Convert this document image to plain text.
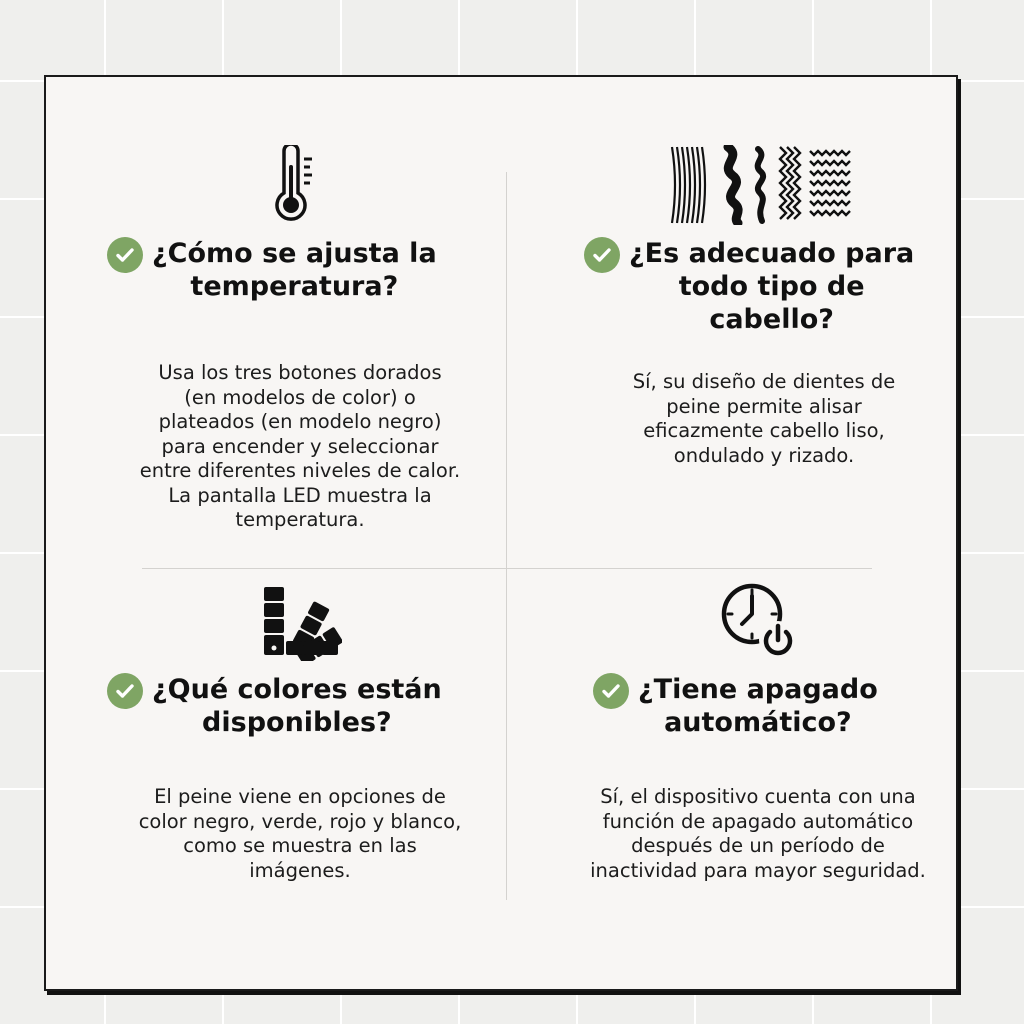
¿Cómo se ajusta la
temperatura?
Usa los tres botones dorados
(en modelos de color) o
plateados (en modelo negro)
para encender y seleccionar
entre diferentes niveles de calor.
La pantalla LED muestra la
temperatura.
¿Es adecuado para
todo tipo de
cabello?
Sí, su diseño de dientes de
peine permite alisar
eficazmente cabello liso,
ondulado y rizado.
¿Qué colores están
disponibles?
El peine viene en opciones de
color negro, verde, rojo y blanco,
como se muestra en las
imágenes.
¿Tiene apagado
automático?
Sí, el dispositivo cuenta con una
función de apagado automático
después de un período de
inactividad para mayor seguridad.
